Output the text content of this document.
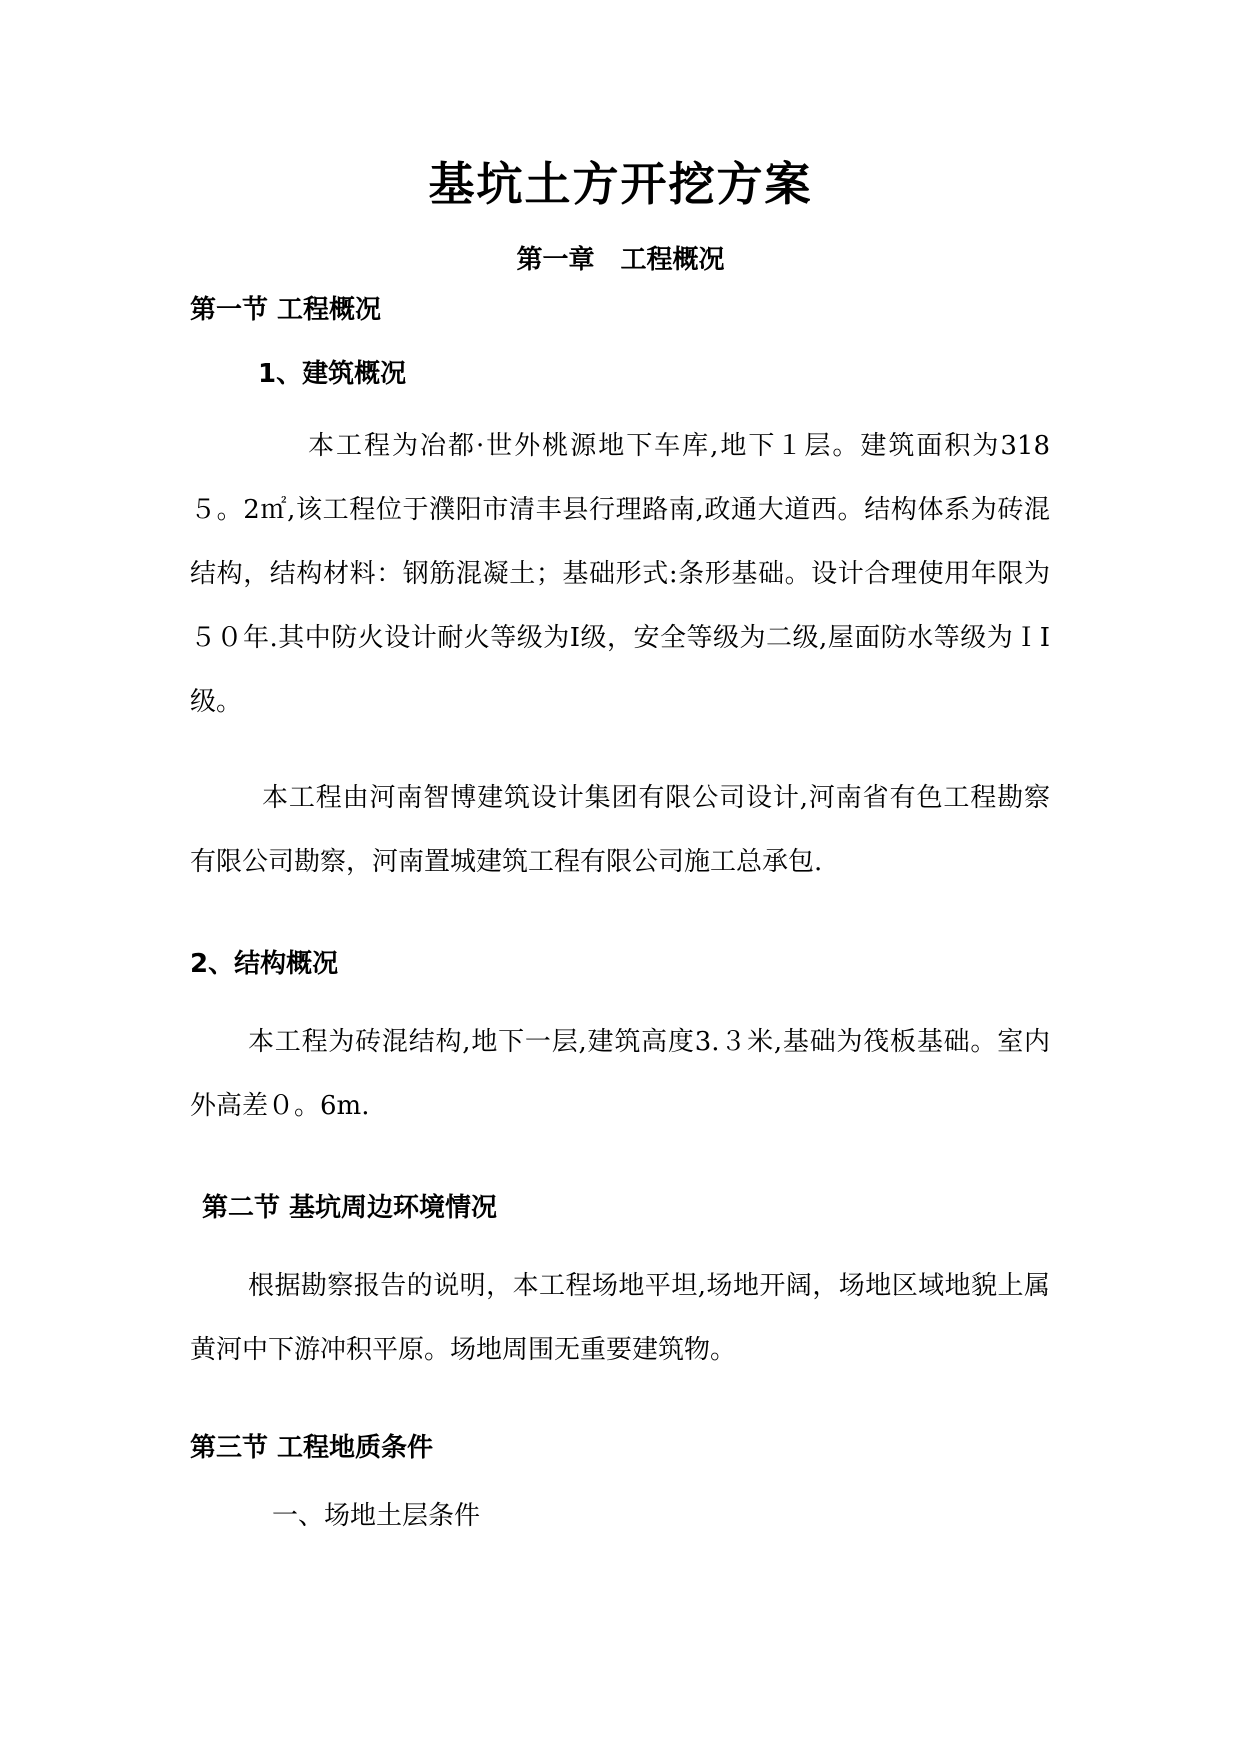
基坑土方开挖方案
第一章　工程概况
第一节 工程概况
1、建筑概况
本工程为冶都·世外桃源地下车库,地下１层。建筑面积为318５。2㎡,该工程位于濮阳市清丰县行理路南,政通大道西。结构体系为砖混结构，结构材料：钢筋混凝土；基础形式:条形基础。设计合理使用年限为５０年.其中防火设计耐火等级为Ⅰ级，安全等级为二级,屋面防水等级为ＩⅠ级。
本工程由河南智博建筑设计集团有限公司设计,河南省有色工程勘察有限公司勘察，河南置城建筑工程有限公司施工总承包.
2、结构概况
本工程为砖混结构,地下一层,建筑高度3.３米,基础为筏板基础。室内外高差０。6m.
第二节 基坑周边环境情况
根据勘察报告的说明，本工程场地平坦,场地开阔，场地区域地貌上属黄河中下游冲积平原。场地周围无重要建筑物。
第三节 工程地质条件
一、场地土层条件
